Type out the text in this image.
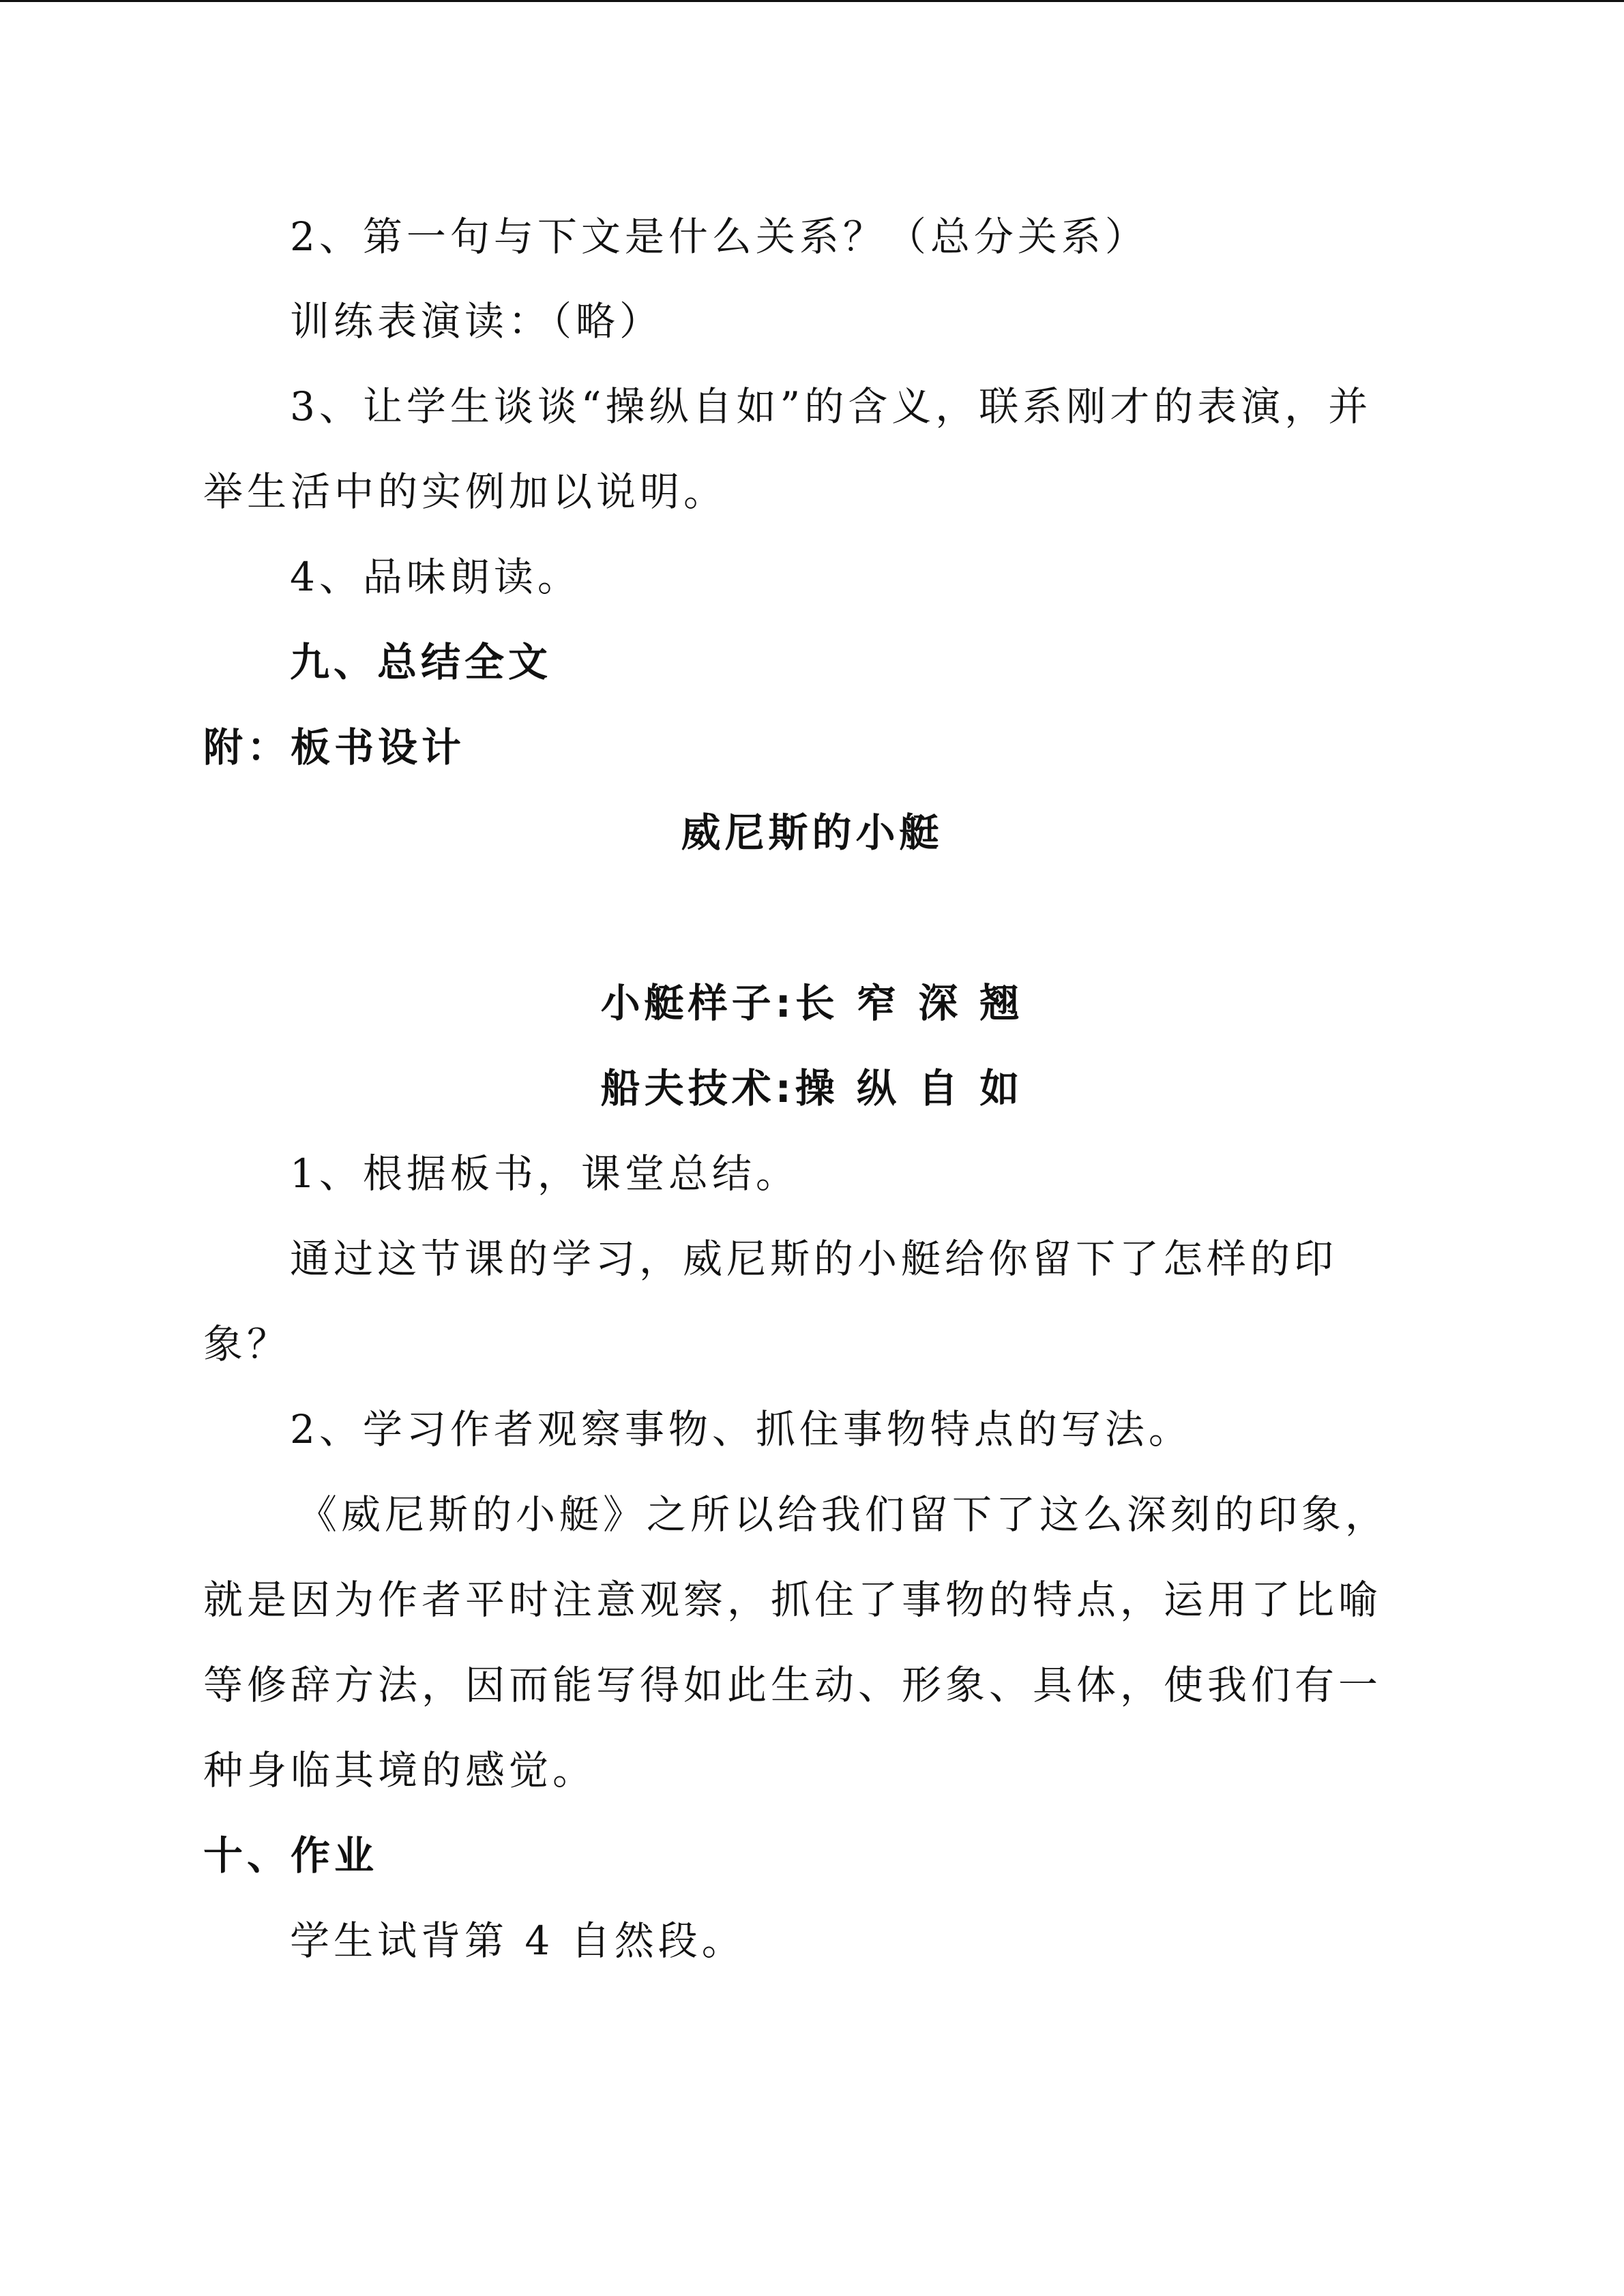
2、第一句与下文是什么关系？（总分关系）
训练表演读：（略）
3、让学生谈谈“操纵自如”的含义，联系刚才的表演，并
举生活中的实例加以说明。
4、品味朗读。
九、总结全文
附：板书设计
威尼斯的小艇
小艇样子:长 窄 深 翘
船夫技术:操 纵 自 如
1、根据板书，课堂总结。
通过这节课的学习，威尼斯的小艇给你留下了怎样的印
象？
2、学习作者观察事物、抓住事物特点的写法。
《威尼斯的小艇》之所以给我们留下了这么深刻的印象，
就是因为作者平时注意观察，抓住了事物的特点，运用了比喻
等修辞方法，因而能写得如此生动、形象、具体，使我们有一
种身临其境的感觉。
十、作业
学生试背第 4 自然段。
